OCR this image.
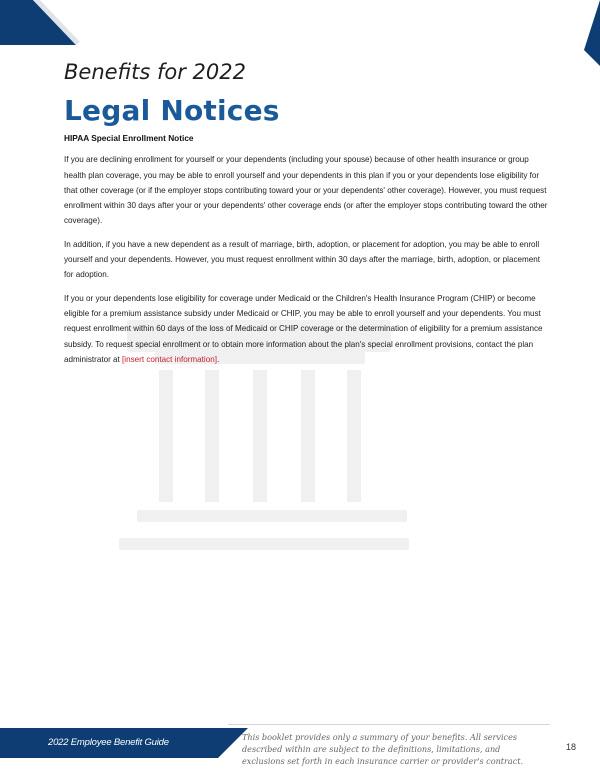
Benefits for 2022
Legal Notices
HIPAA Special Enrollment Notice

If you are declining enrollment for yourself or your dependents (including your spouse) because of other health insurance or group health plan coverage, you may be able to enroll yourself and your dependents in this plan if you or your dependents lose eligibility for that other coverage (or if the employer stops contributing toward your or your dependents' other coverage). However, you must request enrollment within 30 days after your or your dependents' other coverage ends (or after the employer stops contributing toward the other coverage).

In addition, if you have a new dependent as a result of marriage, birth, adoption, or placement for adoption, you may be able to enroll yourself and your dependents. However, you must request enrollment within 30 days after the marriage, birth, adoption, or placement for adoption.

If you or your dependents lose eligibility for coverage under Medicaid or the Children's Health Insurance Program (CHIP) or become eligible for a premium assistance subsidy under Medicaid or CHIP, you may be able to enroll yourself and your dependents. You must request enrollment within 60 days of the loss of Medicaid or CHIP coverage or the determination of eligibility for a premium assistance subsidy. To request special enrollment or to obtain more information about the plan's special enrollment provisions, contact the plan administrator at [insert contact information].

2022 Employee Benefit Guide	This booklet provides only a summary of your benefits. All services described within are subject to the definitions, limitations, and exclusions set forth in each insurance carrier or provider's contract.
18
